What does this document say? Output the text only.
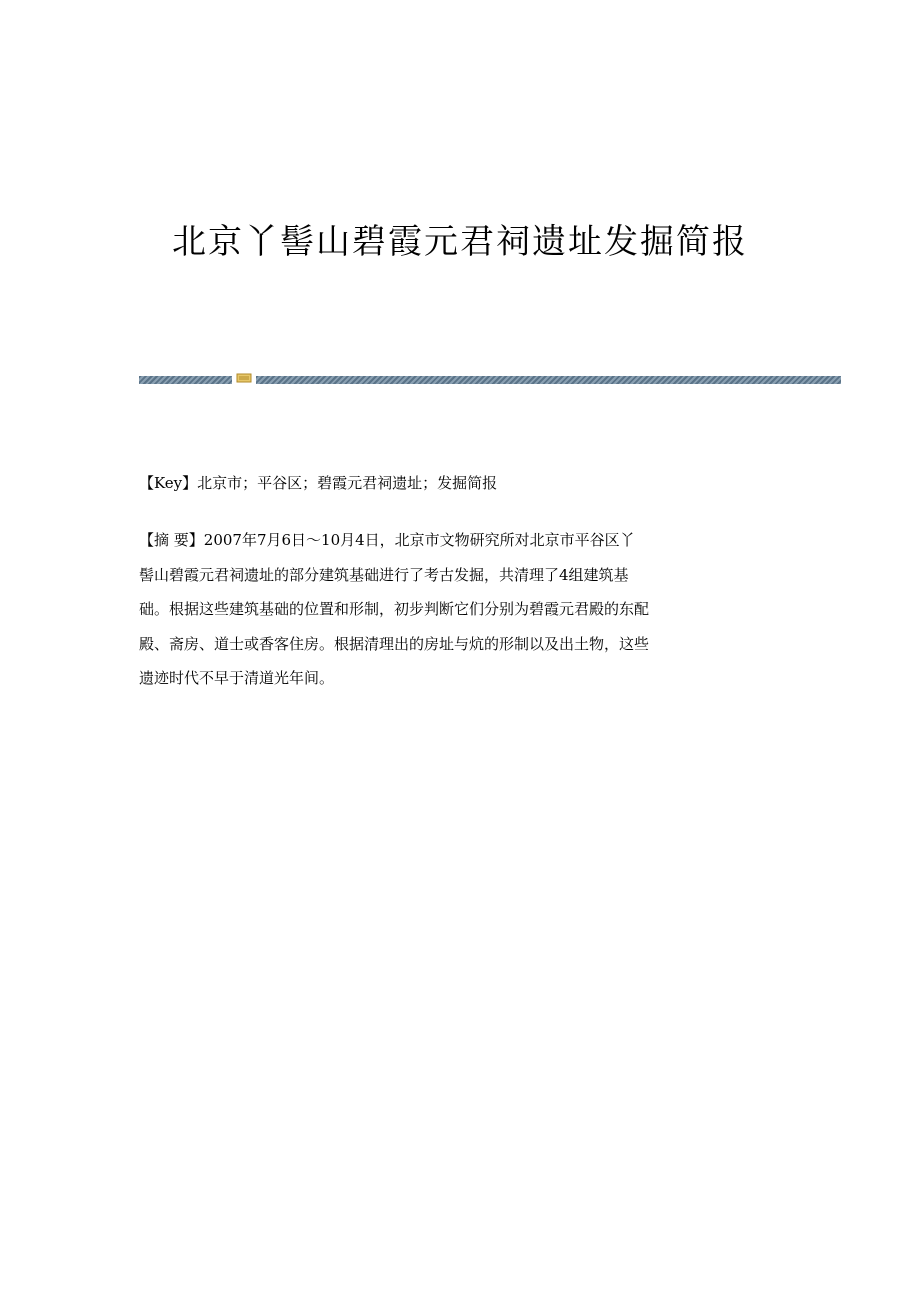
北京丫髻山碧霞元君祠遗址发掘简报
【Key】北京市；平谷区；碧霞元君祠遗址；发掘简报
【摘 要】2007年7月6日～10月4日，北京市文物研究所对北京市平谷区丫
髻山碧霞元君祠遗址的部分建筑基础进行了考古发掘，共清理了4组建筑基
础。根据这些建筑基础的位置和形制，初步判断它们分别为碧霞元君殿的东配
殿、斋房、道士或香客住房。根据清理出的房址与炕的形制以及出土物，这些
遗迹时代不早于清道光年间。
